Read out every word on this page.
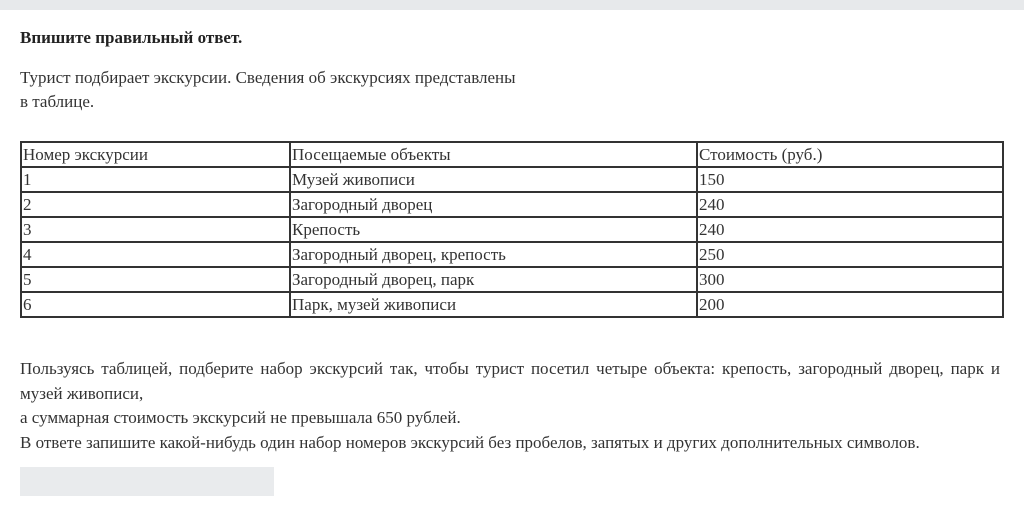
Впишите правильный ответ.
Турист подбирает экскурсии. Сведения об экскурсиях представлены
в таблице.
Номер экскурсии	Посещаемые объекты	Стоимость (руб.)
1	Музей живописи	150
2	Загородный дворец	240
3	Крепость	240
4	Загородный дворец, крепость	250
5	Загородный дворец, парк	300
6	Парк, музей живописи	200
Пользуясь таблицей, подберите набор экскурсий так, чтобы турист посетил четыре объекта: крепость, загородный дворец, парк и музей живописи,
а суммарная стоимость экскурсий не превышала 650 рублей.
В ответе запишите какой-нибудь один набор номеров экскурсий без пробелов, запятых и других дополнительных символов.
